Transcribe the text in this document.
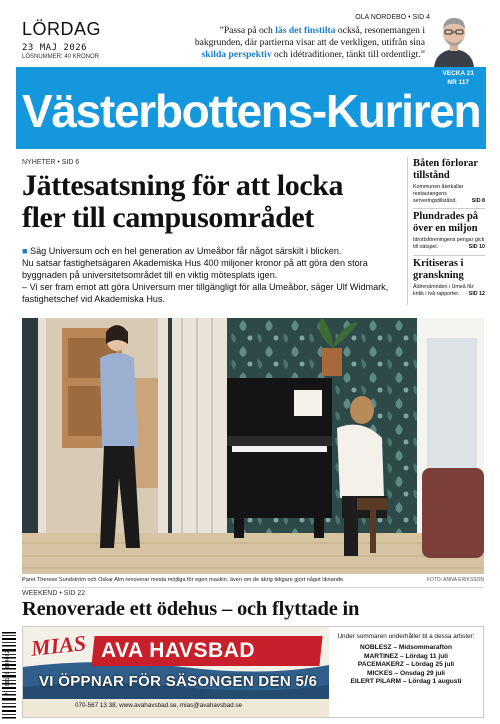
LÖRDAG
23 MAJ 2026
LÖSNUMMER: 40 KRONOR
OLA NORDEBO • SID 4
”Passa på och läs det finstilta också, resonemangen i bakgrunden, där partierna visar att de verkligen, utifrån sina skilda perspektiv och idétraditioner, tänkt till ordentligt.”
VECKA 21
NR 117
Västerbottens-Kuriren
NYHETER • SID 6
Jättesatsning för att locka
fler till campusområdet
■ Säg Universum och en hel generation av Umeåbor får något särskilt i blicken.
Nu satsar fastighetsägaren Akademiska Hus 400 miljoner kronor på att göra den stora byggnaden på universitetsområdet till en viktig mötesplats igen.
– Vi ser fram emot att göra Universum mer tillgängligt för alla Umeåbor, säger Ulf Widmark, fastighetschef vid Akademiska Hus.
Båten förlorar tillstånd
Kommunen återkallar restaurangens serveringstillstånd.	SID 8
Plundrades på över en miljon
Idrottsföreningens pengar gick till nätspel.	SID 10
Kritiseras i granskning
Äldrenämnden i Umeå får kritik i två rapporter. SID 12
Paret Therese Sundström och Oskar Alm renoverar mesta möjliga för egen maskin, även om de äkrig tidigare gjort något liknande.	FOTO: ANNA ERIKSSON
WEEKEND • SID 22
Renoverade ett ödehus – och flyttade in
MIAS AVA HAVSBAD
VI ÖPPNAR FÖR SÄSONGEN DEN 5/6
070-567 13 38, www.avahavsbad.se, mias@avahavsbad.se
Under sommaren underhåller bl a dessa artister:
NOBLESZ – Midsommarafton
MARTINEZ – Lördag 11 juli
PACEMAKERZ – Lördag 25 juli
MICKES – Onsdag 29 juli
EILERT PILARM – Lördag 1 augusti
7 388138 604002
